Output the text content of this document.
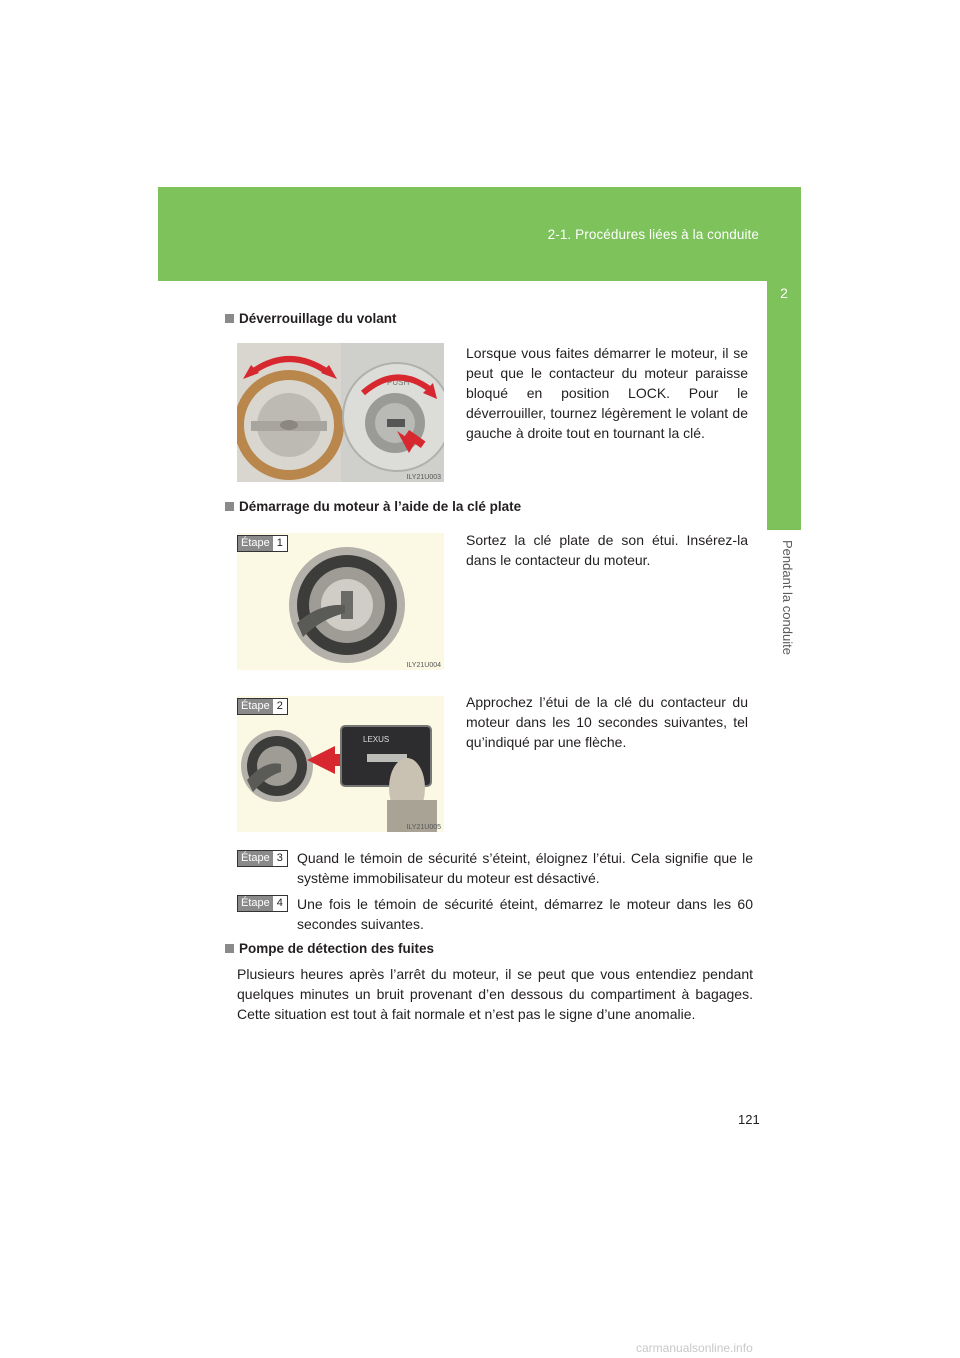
2-1. Procédures liées à la conduite
2
Pendant la conduite
Déverrouillage du volant
PUSH
ILY21U003
Lorsque vous faites démarrer le moteur, il se peut que le contacteur du moteur paraisse bloqué en position LOCK. Pour le déverrouiller, tournez légèrement le volant de gauche à droite tout en tournant la clé.
Démarrage du moteur à l’aide de la clé plate
Étape 1
ILY21U004
Sortez la clé plate de son étui. Insérez-la dans le contacteur du moteur.
LEXUS
Étape 2
ILY21U005
Approchez l’étui de la clé du contacteur du moteur dans les 10 secondes suivantes, tel qu’indiqué par une flèche.
Étape 3 Quand le témoin de sécurité s’éteint, éloignez l’étui. Cela signifie que le système immobilisateur du moteur est désactivé.
Étape 4 Une fois le témoin de sécurité éteint, démarrez le moteur dans les 60 secondes suivantes.
Pompe de détection des fuites
Plusieurs heures après l’arrêt du moteur, il se peut que vous entendiez pendant quelques minutes un bruit provenant d’en dessous du compartiment à bagages. Cette situation est tout à fait normale et n’est pas le signe d’une anomalie.
121
carmanualsonline.info
